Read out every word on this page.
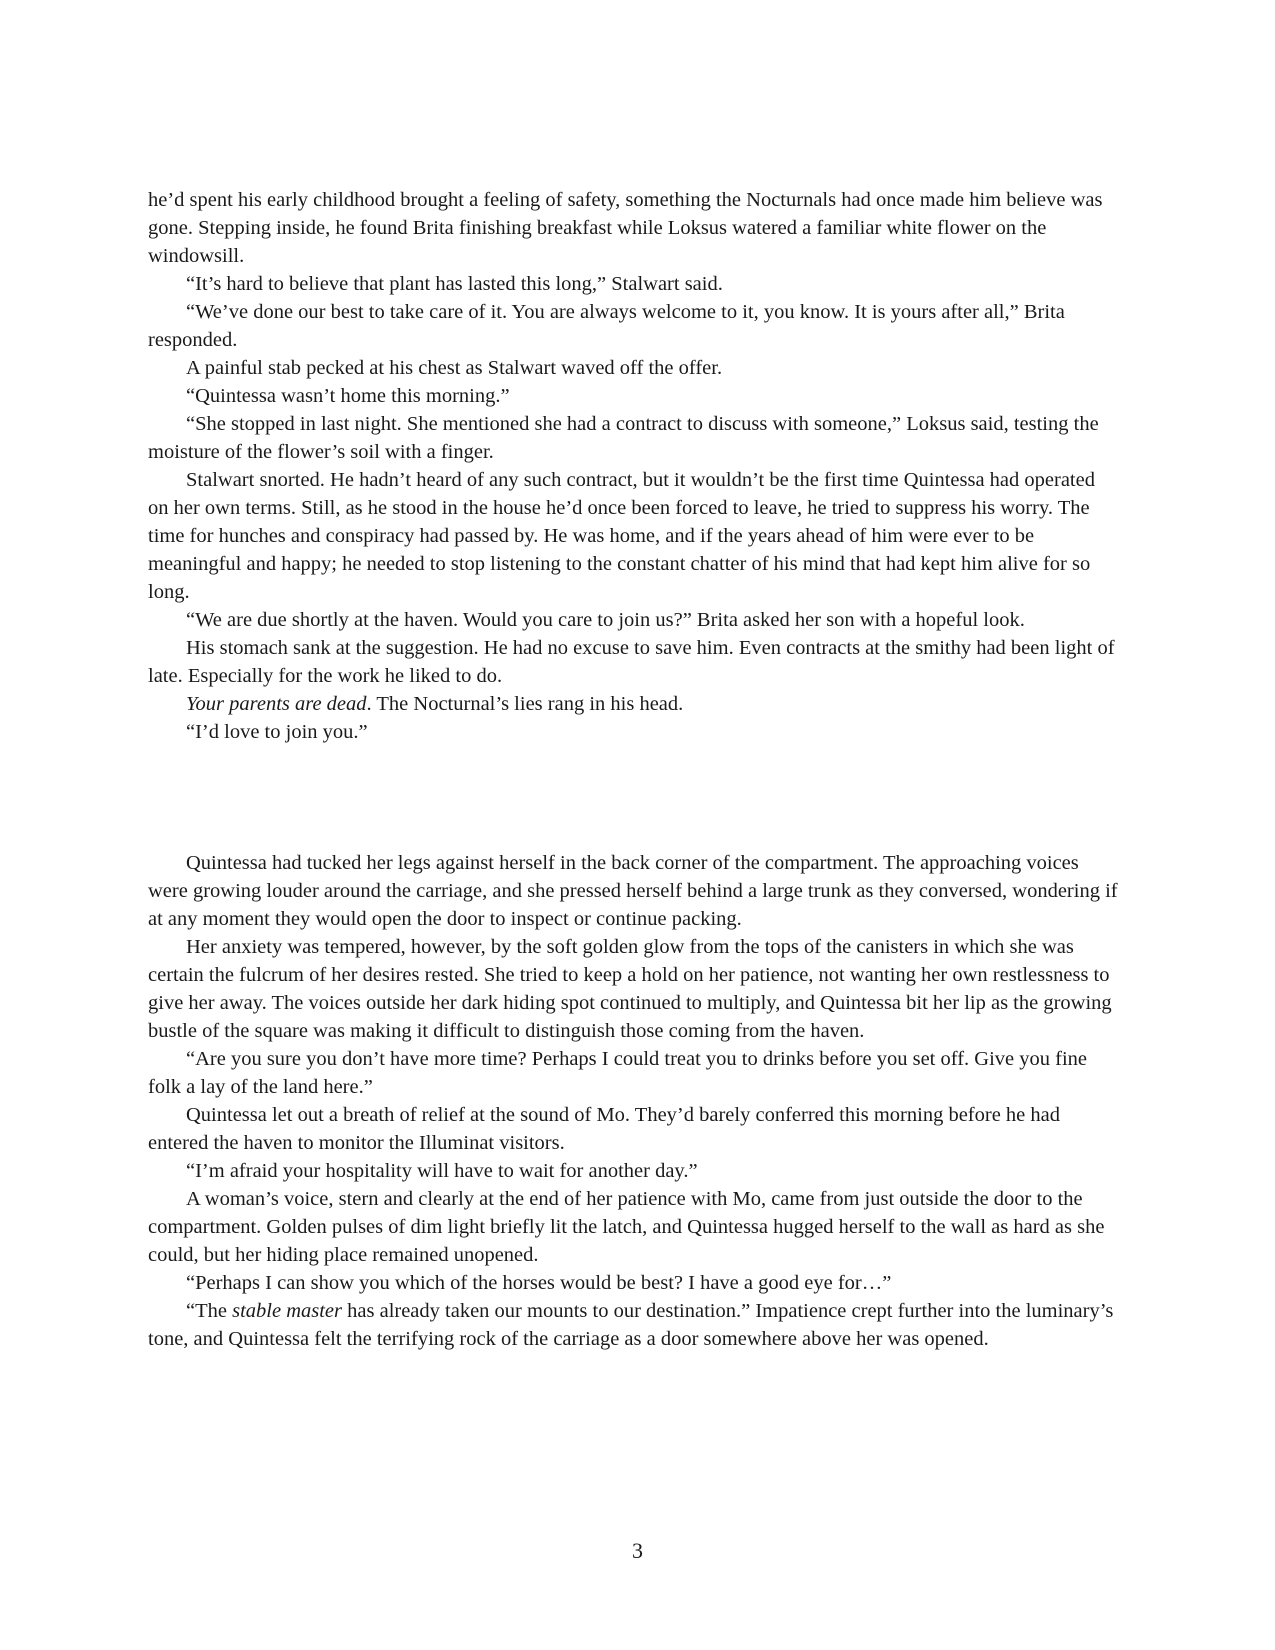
he’d spent his early childhood brought a feeling of safety, something the Nocturnals had once made him believe was gone. Stepping inside, he found Brita finishing breakfast while Loksus watered a familiar white flower on the windowsill.

“It’s hard to believe that plant has lasted this long,” Stalwart said.

“We’ve done our best to take care of it. You are always welcome to it, you know. It is yours after all,” Brita responded.

A painful stab pecked at his chest as Stalwart waved off the offer.

“Quintessa wasn’t home this morning.”

“She stopped in last night. She mentioned she had a contract to discuss with someone,” Loksus said, testing the moisture of the flower’s soil with a finger.

Stalwart snorted. He hadn’t heard of any such contract, but it wouldn’t be the first time Quintessa had operated on her own terms. Still, as he stood in the house he’d once been forced to leave, he tried to suppress his worry. The time for hunches and conspiracy had passed by. He was home, and if the years ahead of him were ever to be meaningful and happy; he needed to stop listening to the constant chatter of his mind that had kept him alive for so long.

“We are due shortly at the haven. Would you care to join us?” Brita asked her son with a hopeful look.

His stomach sank at the suggestion. He had no excuse to save him. Even contracts at the smithy had been light of late. Especially for the work he liked to do.

Your parents are dead. The Nocturnal’s lies rang in his head.

“I’d love to join you.”

Quintessa had tucked her legs against herself in the back corner of the compartment. The approaching voices were growing louder around the carriage, and she pressed herself behind a large trunk as they conversed, wondering if at any moment they would open the door to inspect or continue packing.

Her anxiety was tempered, however, by the soft golden glow from the tops of the canisters in which she was certain the fulcrum of her desires rested. She tried to keep a hold on her patience, not wanting her own restlessness to give her away. The voices outside her dark hiding spot continued to multiply, and Quintessa bit her lip as the growing bustle of the square was making it difficult to distinguish those coming from the haven.

“Are you sure you don’t have more time? Perhaps I could treat you to drinks before you set off. Give you fine folk a lay of the land here.”

Quintessa let out a breath of relief at the sound of Mo. They’d barely conferred this morning before he had entered the haven to monitor the Illuminat visitors.

“I’m afraid your hospitality will have to wait for another day.”

A woman’s voice, stern and clearly at the end of her patience with Mo, came from just outside the door to the compartment. Golden pulses of dim light briefly lit the latch, and Quintessa hugged herself to the wall as hard as she could, but her hiding place remained unopened.

“Perhaps I can show you which of the horses would be best? I have a good eye for…”

“The stable master has already taken our mounts to our destination.” Impatience crept further into the luminary’s tone, and Quintessa felt the terrifying rock of the carriage as a door somewhere above her was opened.

3
